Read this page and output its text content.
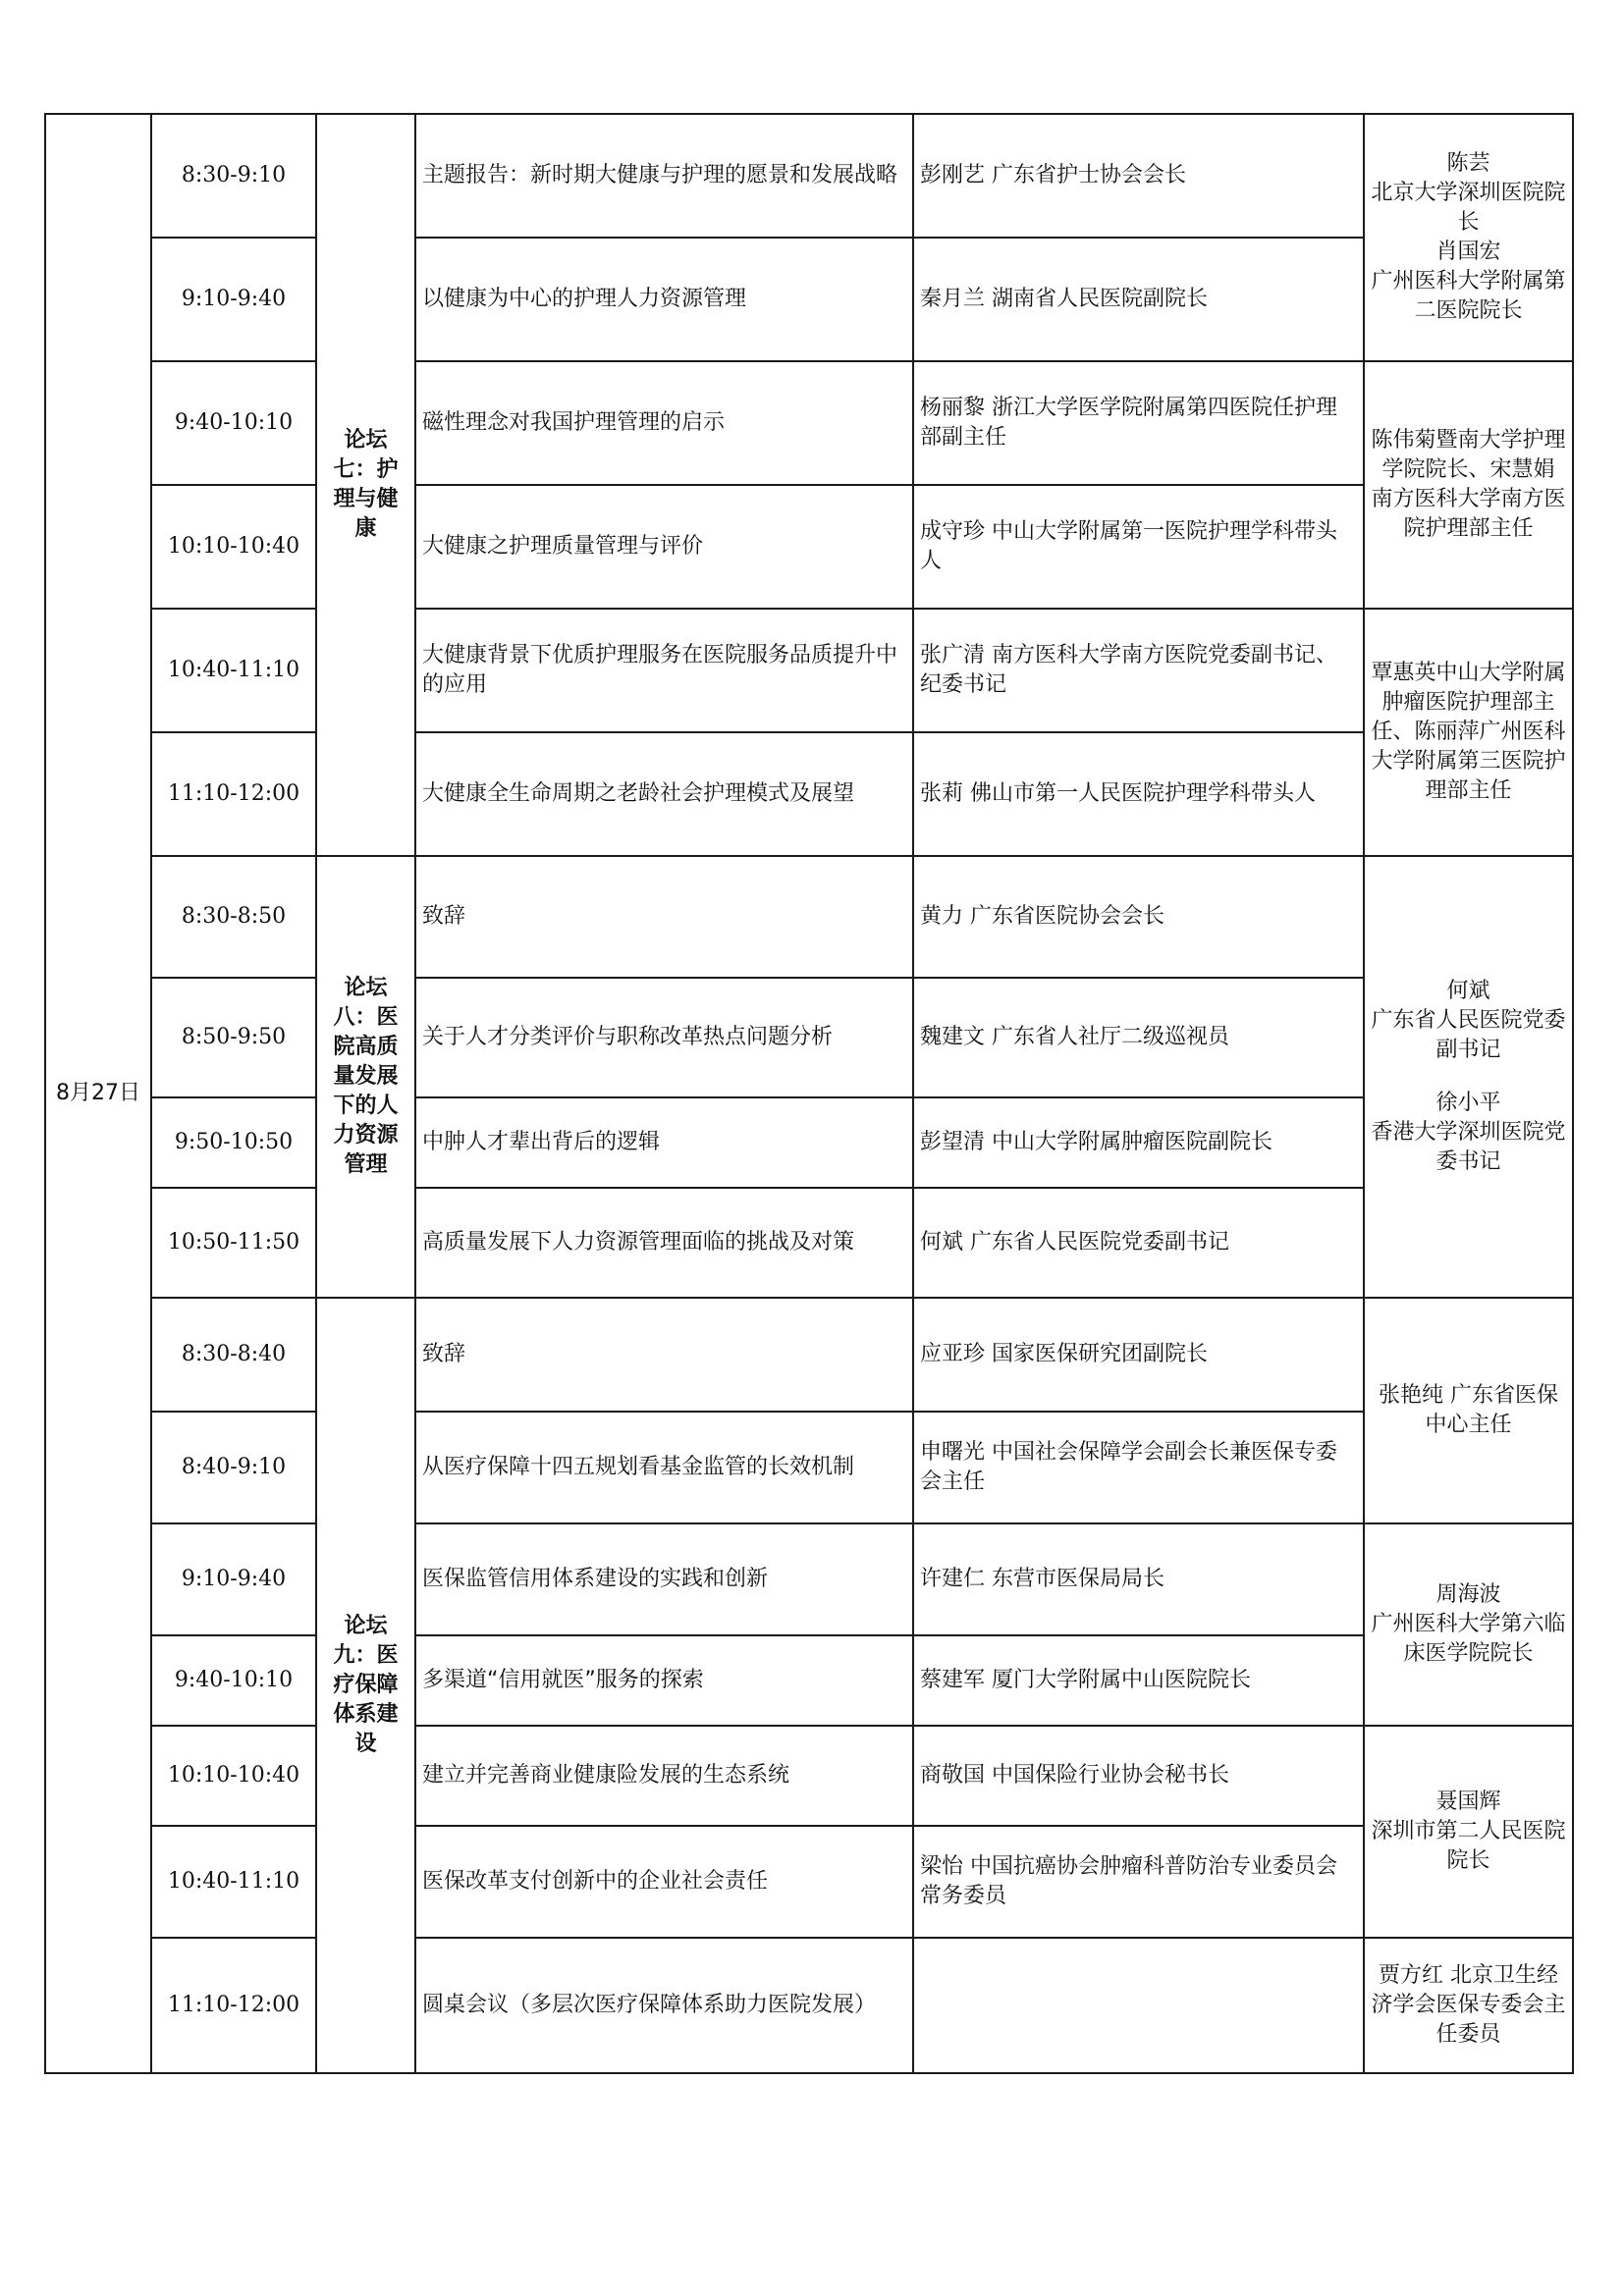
8月27日	8:30-9:10	论坛七：护理与健康	主题报告：新时期大健康与护理的愿景和发展战略	彭刚艺 广东省护士协会会长	陈芸
北京大学深圳医院院长
肖国宏
广州医科大学附属第二医院院长
	9:10-9:40		以健康为中心的护理人力资源管理	秦月兰 湖南省人民医院副院长	
	9:40-10:10		磁性理念对我国护理管理的启示	杨丽黎 浙江大学医学院附属第四医院任护理部副主任	陈伟菊暨南大学护理学院院长、宋慧娟 南方医科大学南方医院护理部主任
	10:10-10:40		大健康之护理质量管理与评价	成守珍 中山大学附属第一医院护理学科带头人	
	10:40-11:10		大健康背景下优质护理服务在医院服务品质提升中的应用	张广清 南方医科大学南方医院党委副书记、纪委书记	覃惠英中山大学附属肿瘤医院护理部主任、陈丽萍广州医科大学附属第三医院护理部主任
	11:10-12:00		大健康全生命周期之老龄社会护理模式及展望	张莉 佛山市第一人民医院护理学科带头人	
	8:30-8:50	论坛八：医院高质量发展下的人力资源管理	致辞	黄力 广东省医院协会会长	何斌
广东省人民医院党委副书记
徐小平
香港大学深圳医院党委书记
	8:50-9:50		关于人才分类评价与职称改革热点问题分析	魏建文 广东省人社厅二级巡视员	
	9:50-10:50		中肿人才辈出背后的逻辑	彭望清 中山大学附属肿瘤医院副院长	
	10:50-11:50		高质量发展下人力资源管理面临的挑战及对策	何斌 广东省人民医院党委副书记	
	8:30-8:40	论坛九：医疗保障体系建设	致辞	应亚珍 国家医保研究团副院长	张艳纯 广东省医保中心主任
	8:40-9:10		从医疗保障十四五规划看基金监管的长效机制	申曙光 中国社会保障学会副会长兼医保专委会主任	
	9:10-9:40		医保监管信用体系建设的实践和创新	许建仁 东营市医保局局长	周海波
广州医科大学第六临床医学院院长
	9:40-10:10		多渠道“信用就医”服务的探索	蔡建军 厦门大学附属中山医院院长	
	10:10-10:40		建立并完善商业健康险发展的生态系统	商敬国 中国保险行业协会秘书长	聂国辉
深圳市第二人民医院院长
	10:40-11:10		医保改革支付创新中的企业社会责任	梁怡 中国抗癌协会肿瘤科普防治专业委员会常务委员	
	11:10-12:00		圆桌会议（多层次医疗保障体系助力医院发展）		贾方红 北京卫生经济学会医保专委会主任委员
